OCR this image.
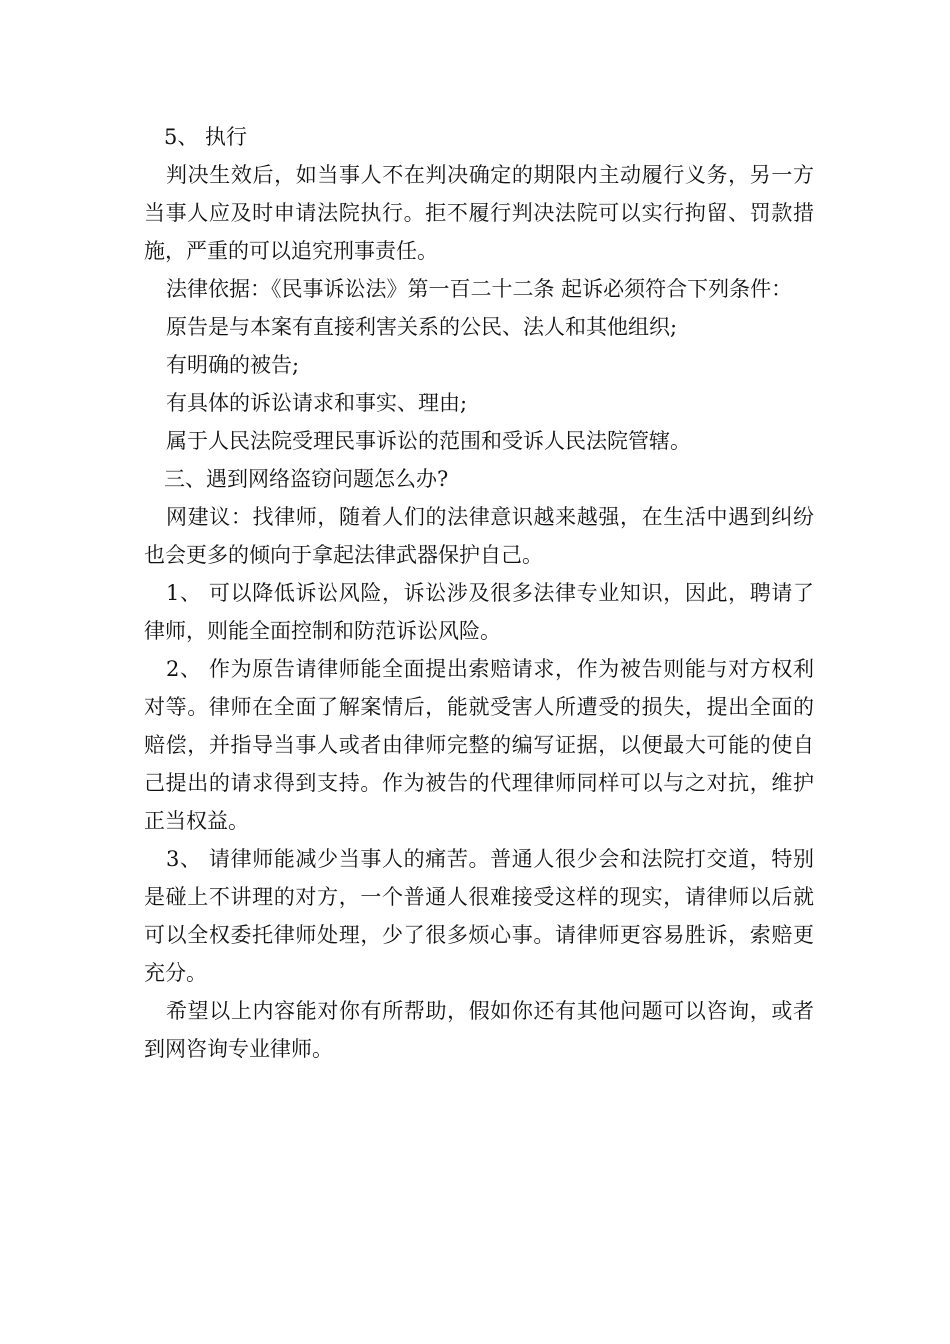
5、 执行

判决生效后，如当事人不在判决确定的期限内主动履行义务，另一方当事人应及时申请法院执行。拒不履行判决法院可以实行拘留、罚款措施，严重的可以追究刑事责任。

法律依据：《民事诉讼法》第一百二十二条 起诉必须符合下列条件：

原告是与本案有直接利害关系的公民、法人和其他组织;

有明确的被告;

有具体的诉讼请求和事实、理由;

属于人民法院受理民事诉讼的范围和受诉人民法院管辖。

三、遇到网络盗窃问题怎么办?

网建议：找律师，随着人们的法律意识越来越强，在生活中遇到纠纷也会更多的倾向于拿起法律武器保护自己。

1、 可以降低诉讼风险，诉讼涉及很多法律专业知识，因此，聘请了律师，则能全面控制和防范诉讼风险。

2、 作为原告请律师能全面提出索赔请求，作为被告则能与对方权利对等。律师在全面了解案情后，能就受害人所遭受的损失，提出全面的赔偿，并指导当事人或者由律师完整的编写证据，以便最大可能的使自己提出的请求得到支持。作为被告的代理律师同样可以与之对抗，维护正当权益。

3、 请律师能减少当事人的痛苦。普通人很少会和法院打交道，特别是碰上不讲理的对方，一个普通人很难接受这样的现实，请律师以后就可以全权委托律师处理，少了很多烦心事。请律师更容易胜诉，索赔更充分。

希望以上内容能对你有所帮助，假如你还有其他问题可以咨询，或者到网咨询专业律师。
